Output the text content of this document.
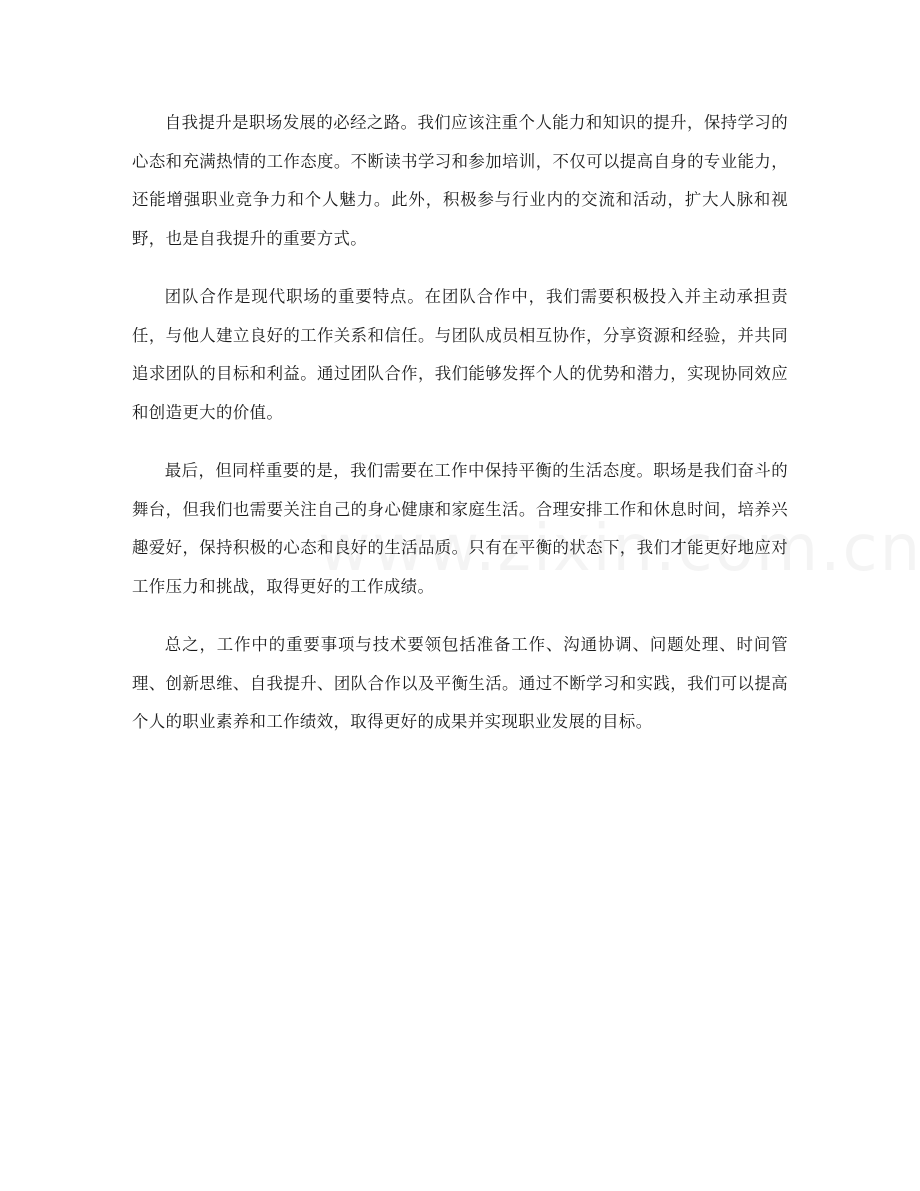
自我提升是职场发展的必经之路。我们应该注重个人能力和知识的提升，保持学习的心态和充满热情的工作态度。不断读书学习和参加培训，不仅可以提高自身的专业能力，还能增强职业竞争力和个人魅力。此外，积极参与行业内的交流和活动，扩大人脉和视野，也是自我提升的重要方式。

团队合作是现代职场的重要特点。在团队合作中，我们需要积极投入并主动承担责任，与他人建立良好的工作关系和信任。与团队成员相互协作，分享资源和经验，并共同追求团队的目标和利益。通过团队合作，我们能够发挥个人的优势和潜力，实现协同效应和创造更大的价值。

最后，但同样重要的是，我们需要在工作中保持平衡的生活态度。职场是我们奋斗的舞台，但我们也需要关注自己的身心健康和家庭生活。合理安排工作和休息时间，培养兴趣爱好，保持积极的心态和良好的生活品质。只有在平衡的状态下，我们才能更好地应对工作压力和挑战，取得更好的工作成绩。

总之，工作中的重要事项与技术要领包括准备工作、沟通协调、问题处理、时间管理、创新思维、自我提升、团队合作以及平衡生活。通过不断学习和实践，我们可以提高个人的职业素养和工作绩效，取得更好的成果并实现职业发展的目标。
